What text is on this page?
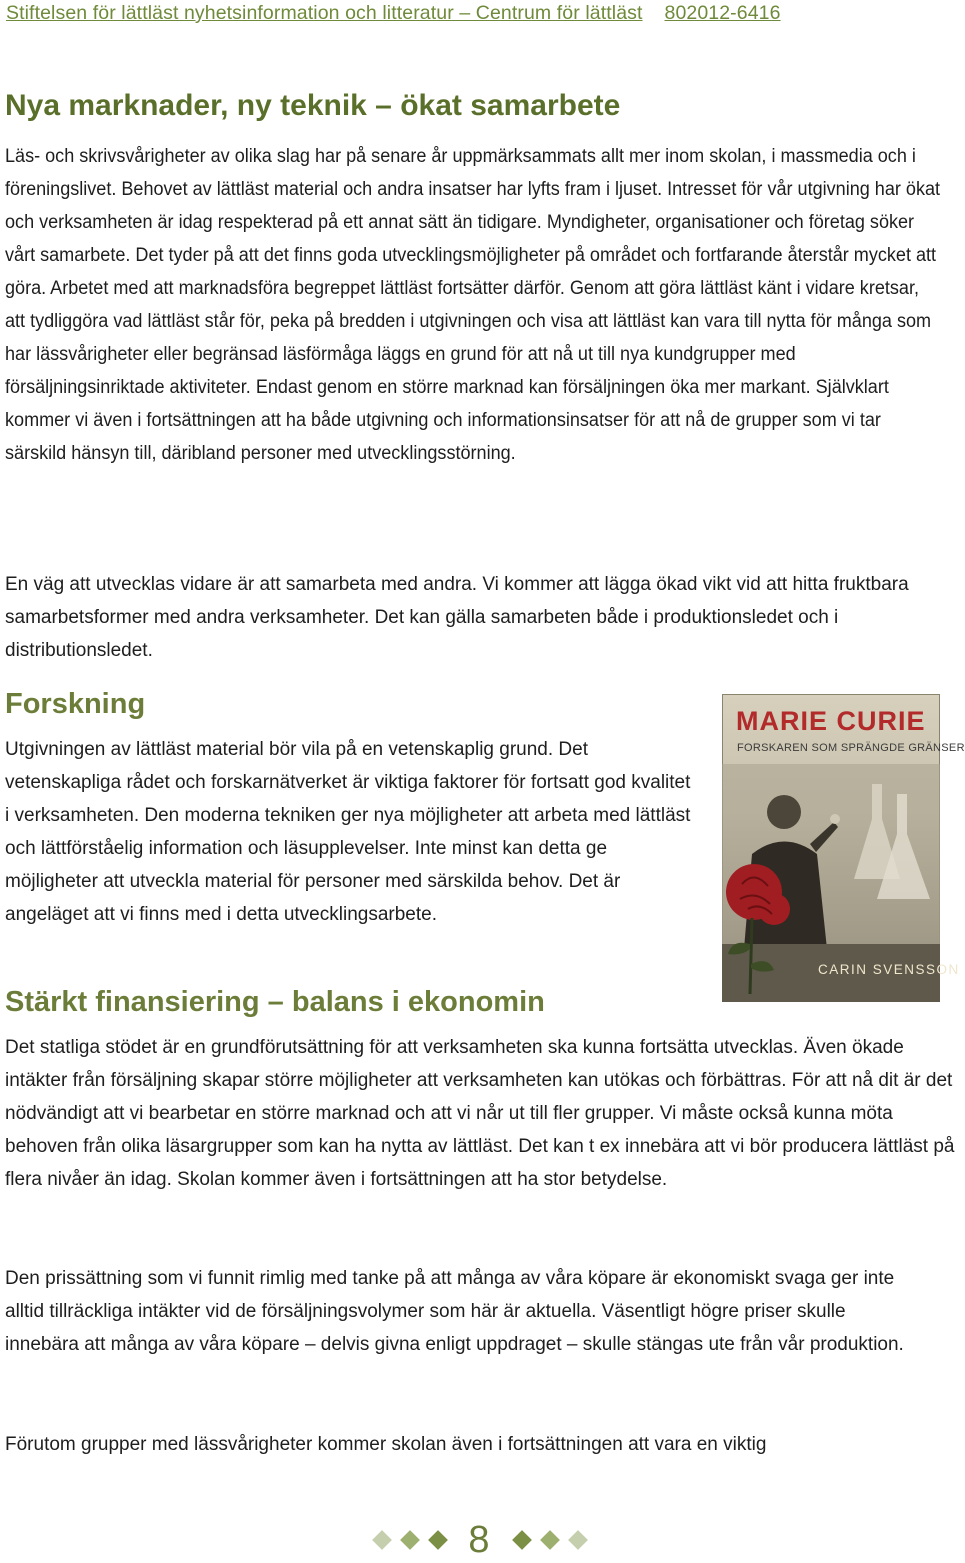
Stiftelsen för lättläst nyhetsinformation och litteratur – Centrum för lättläst 802012-6416
Nya marknader, ny teknik – ökat samarbete

Läs- och skrivsvårigheter av olika slag har på senare år uppmärksammats allt mer inom skolan, i massmedia och i föreningslivet. Behovet av lättläst material och andra insatser har lyfts fram i ljuset. Intresset för vår utgivning har ökat och verksamheten är idag respekterad på ett annat sätt än tidigare. Myndigheter, organisationer och företag söker vårt samarbete. Det tyder på att det finns goda utvecklingsmöjligheter på området och fortfarande återstår mycket att göra. Arbetet med att marknadsföra begreppet lättläst fortsätter därför. Genom att göra lättläst känt i vidare kretsar, att tydliggöra vad lättläst står för, peka på bredden i utgivningen och visa att lättläst kan vara till nytta för många som har lässvårigheter eller begränsad läsförmåga läggs en grund för att nå ut till nya kundgrupper med försäljningsinriktade aktiviteter. Endast genom en större marknad kan försäljningen öka mer markant. Självklart kommer vi även i fortsättningen att ha både utgivning och informationsinsatser för att nå de grupper som vi tar särskild hänsyn till, däribland personer med utvecklingsstörning.

En väg att utvecklas vidare är att samarbeta med andra. Vi kommer att lägga ökad vikt vid att hitta fruktbara samarbetsformer med andra verksamheter. Det kan gälla samarbeten både i produktionsledet och i distributionsledet.

Forskning

Utgivningen av lättläst material bör vila på en vetenskaplig grund. Det vetenskapliga rådet och forskarnätverket är viktiga faktorer för fortsatt god kvalitet i verksamheten. Den moderna tekniken ger nya möjligheter att arbeta med lättläst och lättförståelig information och läsupplevelser. Inte minst kan detta ge möjligheter att utveckla material för personer med särskilda behov. Det är angeläget att vi finns med i detta utvecklingsarbete.

MARIE CURIE
FORSKAREN SOM SPRÄNGDE GRÄNSER
CARIN SVENSSON
Stärkt finansiering – balans i ekonomin

Det statliga stödet är en grundförutsättning för att verksamheten ska kunna fortsätta utvecklas. Även ökade intäkter från försäljning skapar större möjligheter att verksamheten kan utökas och förbättras. För att nå dit är det nödvändigt att vi bearbetar en större marknad och att vi når ut till fler grupper. Vi måste också kunna möta behoven från olika läsargrupper som kan ha nytta av lättläst. Det kan t ex innebära att vi bör producera lättläst på flera nivåer än idag. Skolan kommer även i fortsättningen att ha stor betydelse.

Den prissättning som vi funnit rimlig med tanke på att många av våra köpare är ekonomiskt svaga ger inte alltid tillräckliga intäkter vid de försäljningsvolymer som här är aktuella. Väsentligt högre priser skulle innebära att många av våra köpare – delvis givna enligt uppdraget – skulle stängas ute från vår produktion.

Förutom grupper med lässvårigheter kommer skolan även i fortsättningen att vara en viktig

8
